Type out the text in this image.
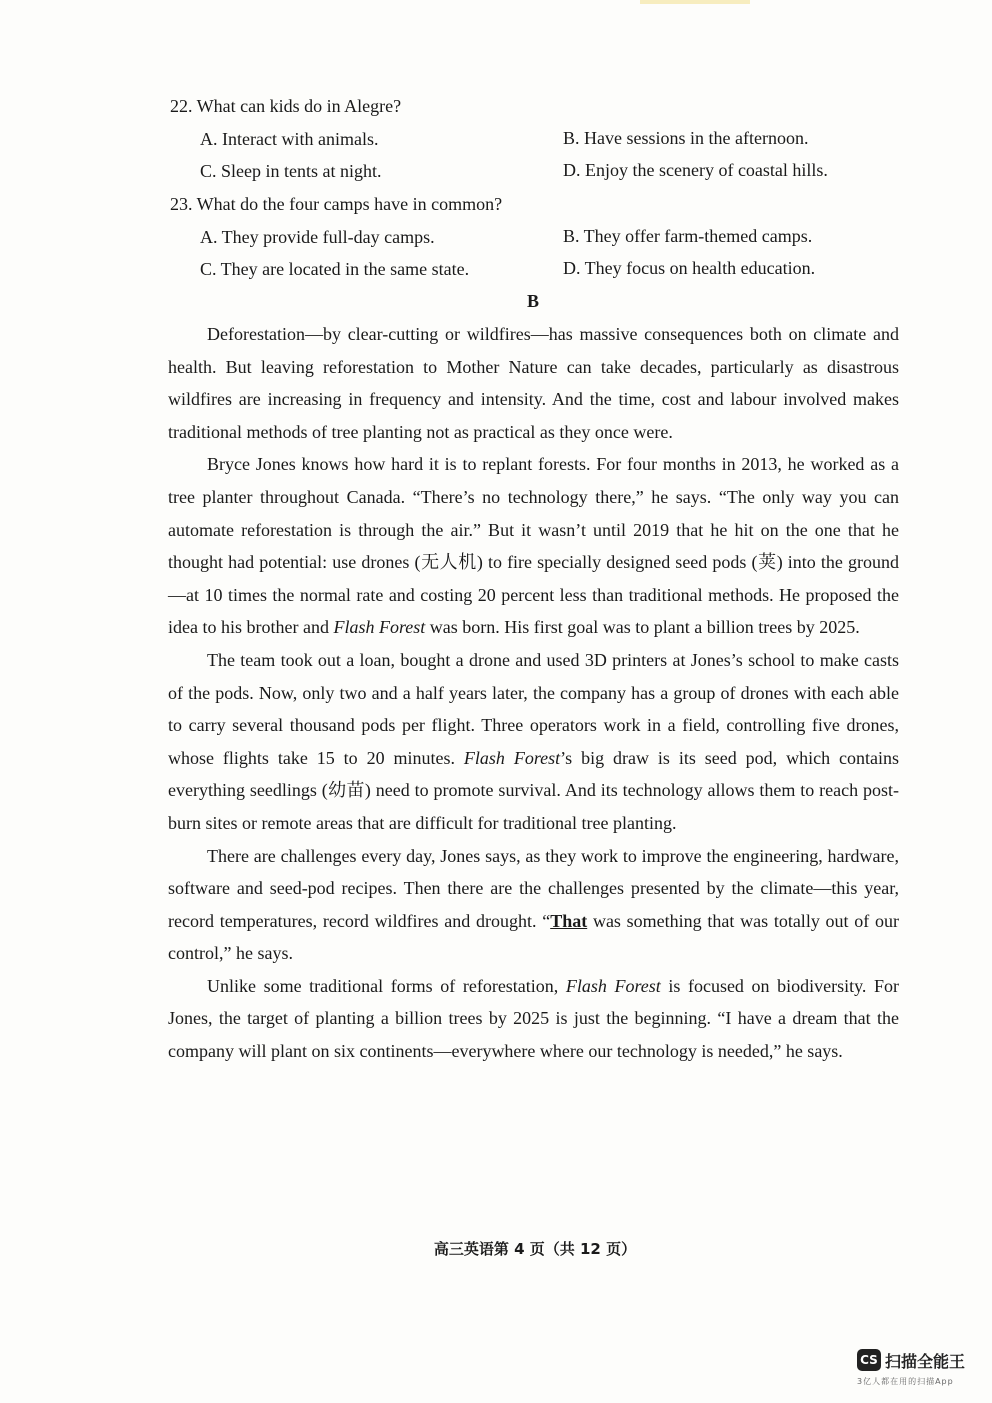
22. What can kids do in Alegre?
A. Interact with animals.	B. Have sessions in the afternoon.
C. Sleep in tents at night.	D. Enjoy the scenery of coastal hills.
23. What do the four camps have in common?
A. They provide full-day camps.	B. They offer farm-themed camps.
C. They are located in the same state.	D. They focus on health education.
B

Deforestation—by clear-cutting or wildfires—has massive consequences both on climate and health. But leaving reforestation to Mother Nature can take decades, particularly as disastrous wildfires are increasing in frequency and intensity. And the time, cost and labour involved makes traditional methods of tree planting not as practical as they once were.

Bryce Jones knows how hard it is to replant forests. For four months in 2013, he worked as a tree planter throughout Canada. “There’s no technology there,” he says. “The only way you can automate reforestation is through the air.” But it wasn’t until 2019 that he hit on the one that he thought had potential: use drones (无人机) to fire specially designed seed pods (荚) into the ground—at 10 times the normal rate and costing 20 percent less than traditional methods. He proposed the idea to his brother and Flash Forest was born. His first goal was to plant a billion trees by 2025.

The team took out a loan, bought a drone and used 3D printers at Jones’s school to make casts of the pods. Now, only two and a half years later, the company has a group of drones with each able to carry several thousand pods per flight. Three operators work in a field, controlling five drones, whose flights take 15 to 20 minutes. Flash Forest’s big draw is its seed pod, which contains everything seedlings (幼苗) need to promote survival. And its technology allows them to reach post-burn sites or remote areas that are difficult for traditional tree planting.

There are challenges every day, Jones says, as they work to improve the engineering, hardware, software and seed-pod recipes. Then there are the challenges presented by the climate—this year, record temperatures, record wildfires and drought. “That was something that was totally out of our control,” he says.

Unlike some traditional forms of reforestation, Flash Forest is focused on biodiversity. For Jones, the target of planting a billion trees by 2025 is just the beginning. “I have a dream that the company will plant on six continents—everywhere where our technology is needed,” he says.

高三英语第 4 页（共 12 页）
CS 扫描全能王
3亿人都在用的扫描App
